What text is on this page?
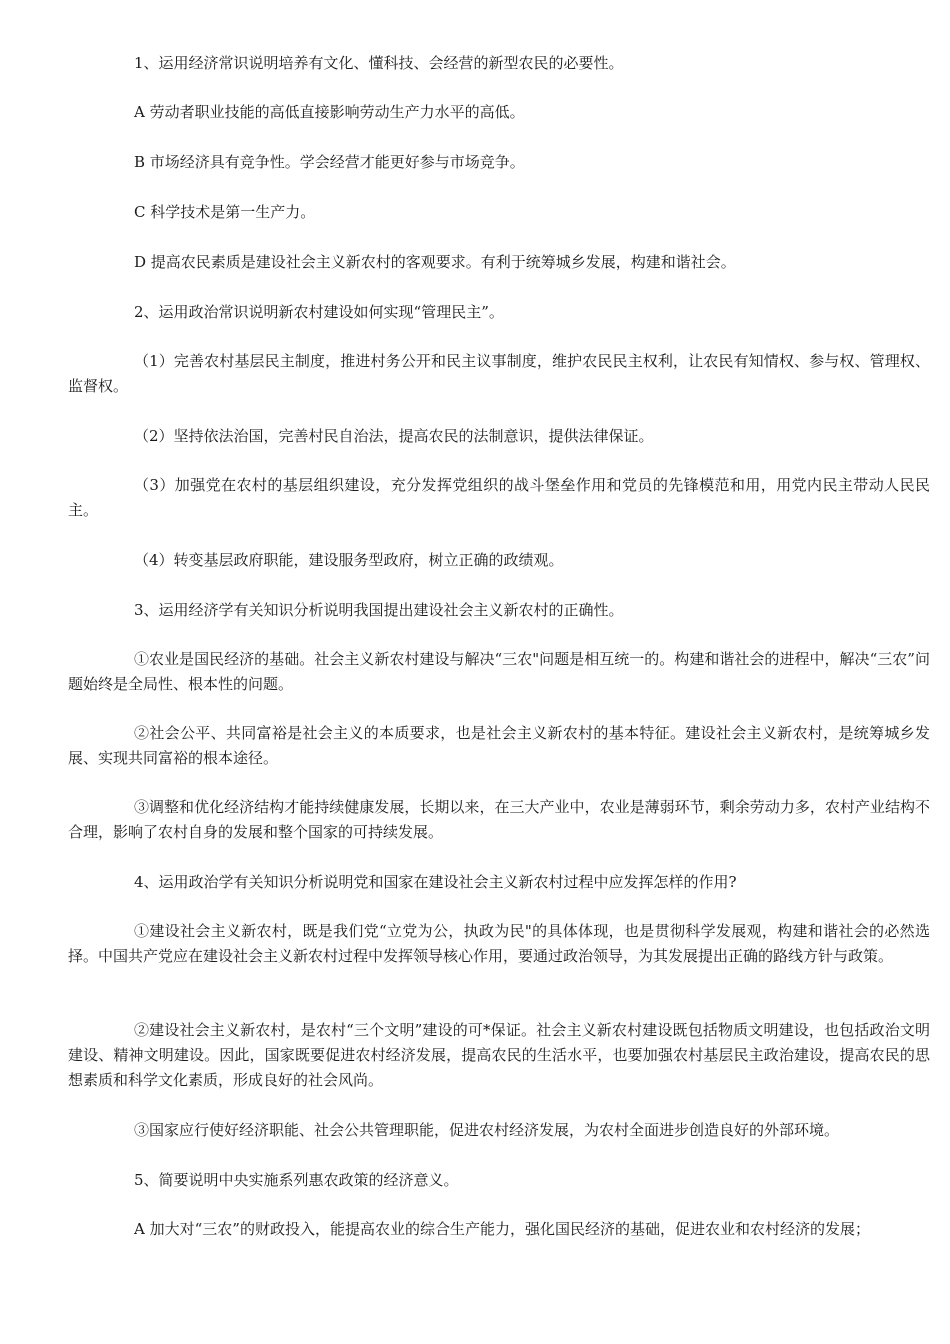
1、运用经济常识说明培养有文化、懂科技、会经营的新型农民的必要性。

A 劳动者职业技能的高低直接影响劳动生产力水平的高低。

B 市场经济具有竞争性。学会经营才能更好参与市场竞争。

C 科学技术是第一生产力。

D 提高农民素质是建设社会主义新农村的客观要求。有利于统筹城乡发展，构建和谐社会。

2、运用政治常识说明新农村建设如何实现“管理民主”。

（1）完善农村基层民主制度，推进村务公开和民主议事制度，维护农民民主权利，让农民有知情权、参与权、管理权、监督权。

（2）坚持依法治国，完善村民自治法，提高农民的法制意识，提供法律保证。

（3）加强党在农村的基层组织建设，充分发挥党组织的战斗堡垒作用和党员的先锋模范和用，用党内民主带动人民民主。

（4）转变基层政府职能，建设服务型政府，树立正确的政绩观。

3、运用经济学有关知识分析说明我国提出建设社会主义新农村的正确性。

①农业是国民经济的基础。社会主义新农村建设与解决“三农"问题是相互统一的。构建和谐社会的进程中，解决“三农”问题始终是全局性、根本性的问题。

②社会公平、共同富裕是社会主义的本质要求，也是社会主义新农村的基本特征。建设社会主义新农村，是统筹城乡发展、实现共同富裕的根本途径。

③调整和优化经济结构才能持续健康发展，长期以来，在三大产业中，农业是薄弱环节，剩余劳动力多，农村产业结构不合理，影响了农村自身的发展和整个国家的可持续发展。

4、运用政治学有关知识分析说明党和国家在建设社会主义新农村过程中应发挥怎样的作用?

①建设社会主义新农村，既是我们党“立党为公，执政为民"的具体体现，也是贯彻科学发展观，构建和谐社会的必然选择。中国共产党应在建设社会主义新农村过程中发挥领导核心作用，要通过政治领导，为其发展提出正确的路线方针与政策。

②建设社会主义新农村，是农村“三个文明”建设的可*保证。社会主义新农村建设既包括物质文明建设，也包括政治文明建设、精神文明建设。因此，国家既要促进农村经济发展，提高农民的生活水平，也要加强农村基层民主政治建设，提高农民的思想素质和科学文化素质，形成良好的社会风尚。

③国家应行使好经济职能、社会公共管理职能，促进农村经济发展，为农村全面进步创造良好的外部环境。

5、简要说明中央实施系列惠农政策的经济意义。

A 加大对“三农”的财政投入，能提高农业的综合生产能力，强化国民经济的基础，促进农业和农村经济的发展；
